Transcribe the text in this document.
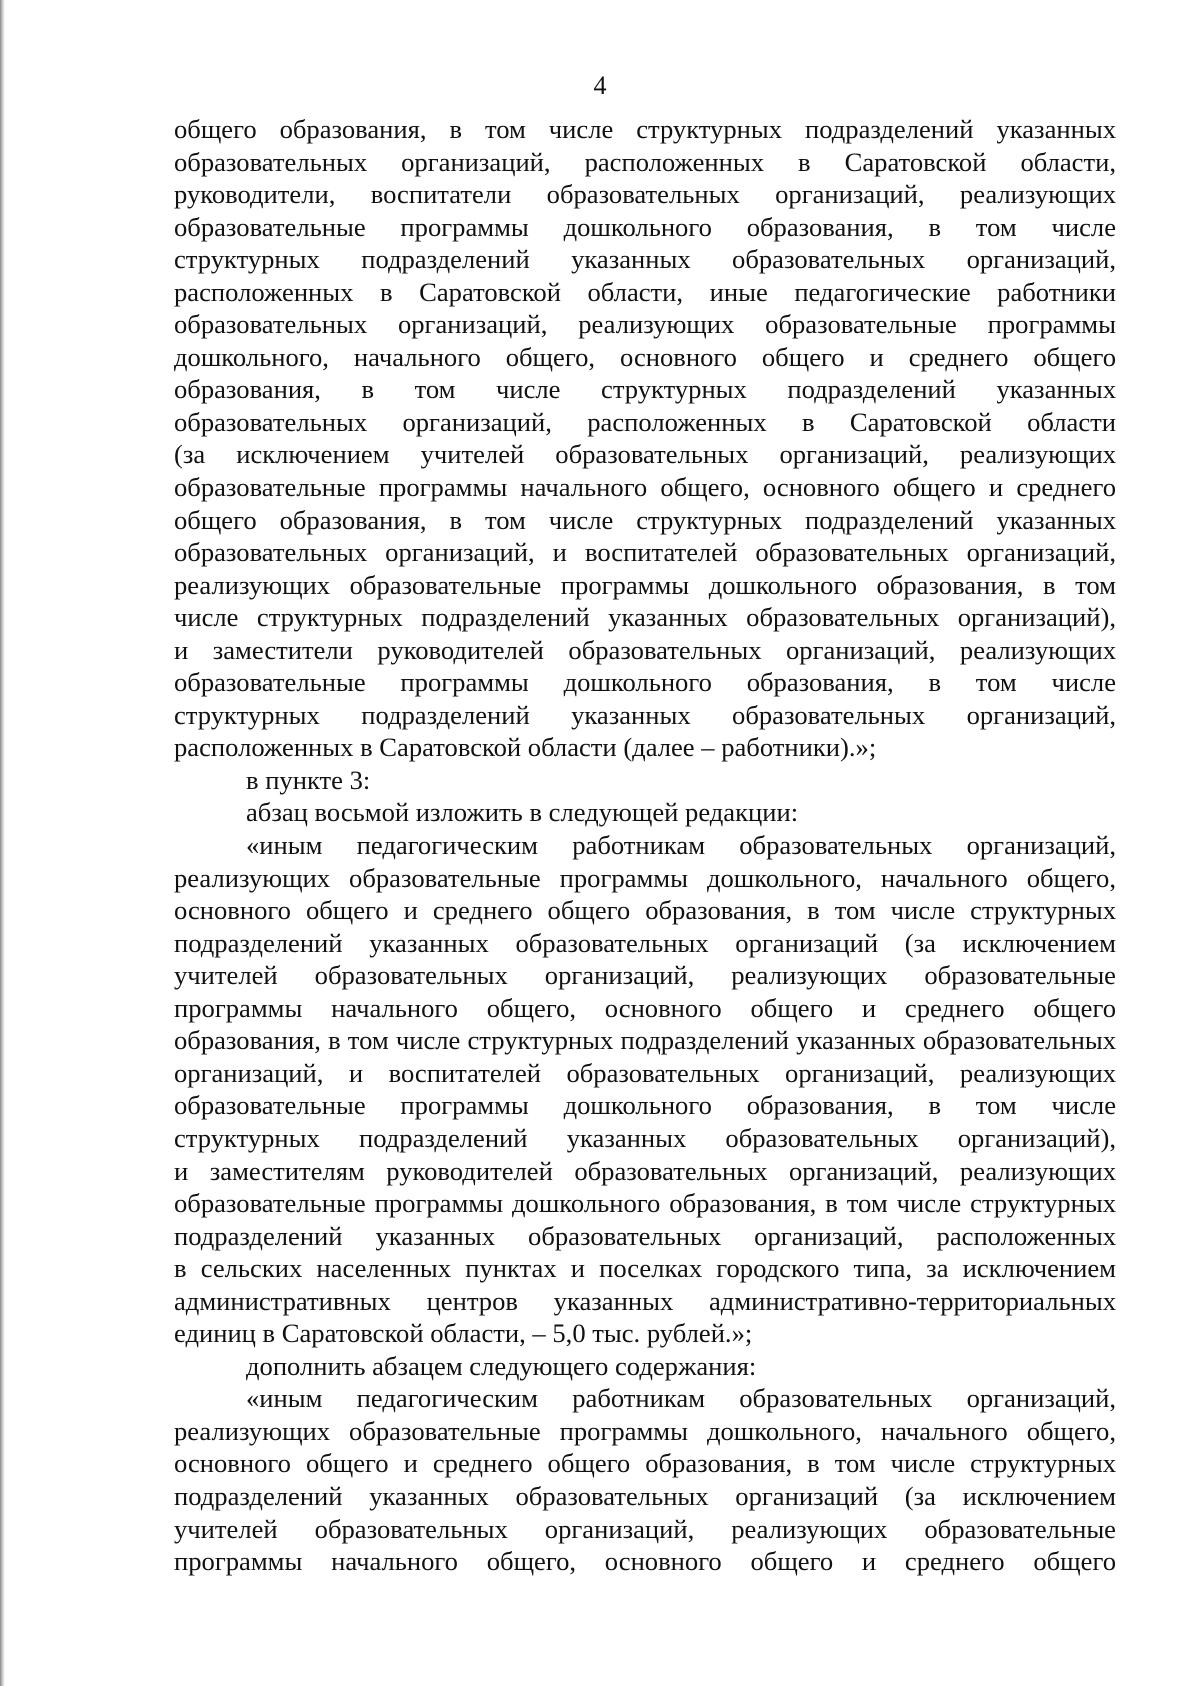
4
общего образования, в том числе структурных подразделений указанных
образовательных организаций, расположенных в Саратовской области,
руководители, воспитатели образовательных организаций, реализующих
образовательные программы дошкольного образования, в том числе
структурных подразделений указанных образовательных организаций,
расположенных в Саратовской области, иные педагогические работники
образовательных организаций, реализующих образовательные программы
дошкольного, начального общего, основного общего и среднего общего
образования, в том числе структурных подразделений указанных
образовательных организаций, расположенных в Саратовской области
(за исключением учителей образовательных организаций, реализующих
образовательные программы начального общего, основного общего и среднего
общего образования, в том числе структурных подразделений указанных
образовательных организаций, и воспитателей образовательных организаций,
реализующих образовательные программы дошкольного образования, в том
числе структурных подразделений указанных образовательных организаций),
и заместители руководителей образовательных организаций, реализующих
образовательные программы дошкольного образования, в том числе
структурных подразделений указанных образовательных организаций,
расположенных в Саратовской области (далее – работники).»;
в пункте 3:
абзац восьмой изложить в следующей редакции:
«иным педагогическим работникам образовательных организаций,
реализующих образовательные программы дошкольного, начального общего,
основного общего и среднего общего образования, в том числе структурных
подразделений указанных образовательных организаций (за исключением
учителей образовательных организаций, реализующих образовательные
программы начального общего, основного общего и среднего общего
образования, в том числе структурных подразделений указанных образовательных
организаций, и воспитателей образовательных организаций, реализующих
образовательные программы дошкольного образования, в том числе
структурных подразделений указанных образовательных организаций),
и заместителям руководителей образовательных организаций, реализующих
образовательные программы дошкольного образования, в том числе структурных
подразделений указанных образовательных организаций, расположенных
в сельских населенных пунктах и поселках городского типа, за исключением
административных центров указанных административно-территориальных
единиц в Саратовской области, – 5,0 тыс. рублей.»;
дополнить абзацем следующего содержания:
«иным педагогическим работникам образовательных организаций,
реализующих образовательные программы дошкольного, начального общего,
основного общего и среднего общего образования, в том числе структурных
подразделений указанных образовательных организаций (за исключением
учителей образовательных организаций, реализующих образовательные
программы начального общего, основного общего и среднего общего
